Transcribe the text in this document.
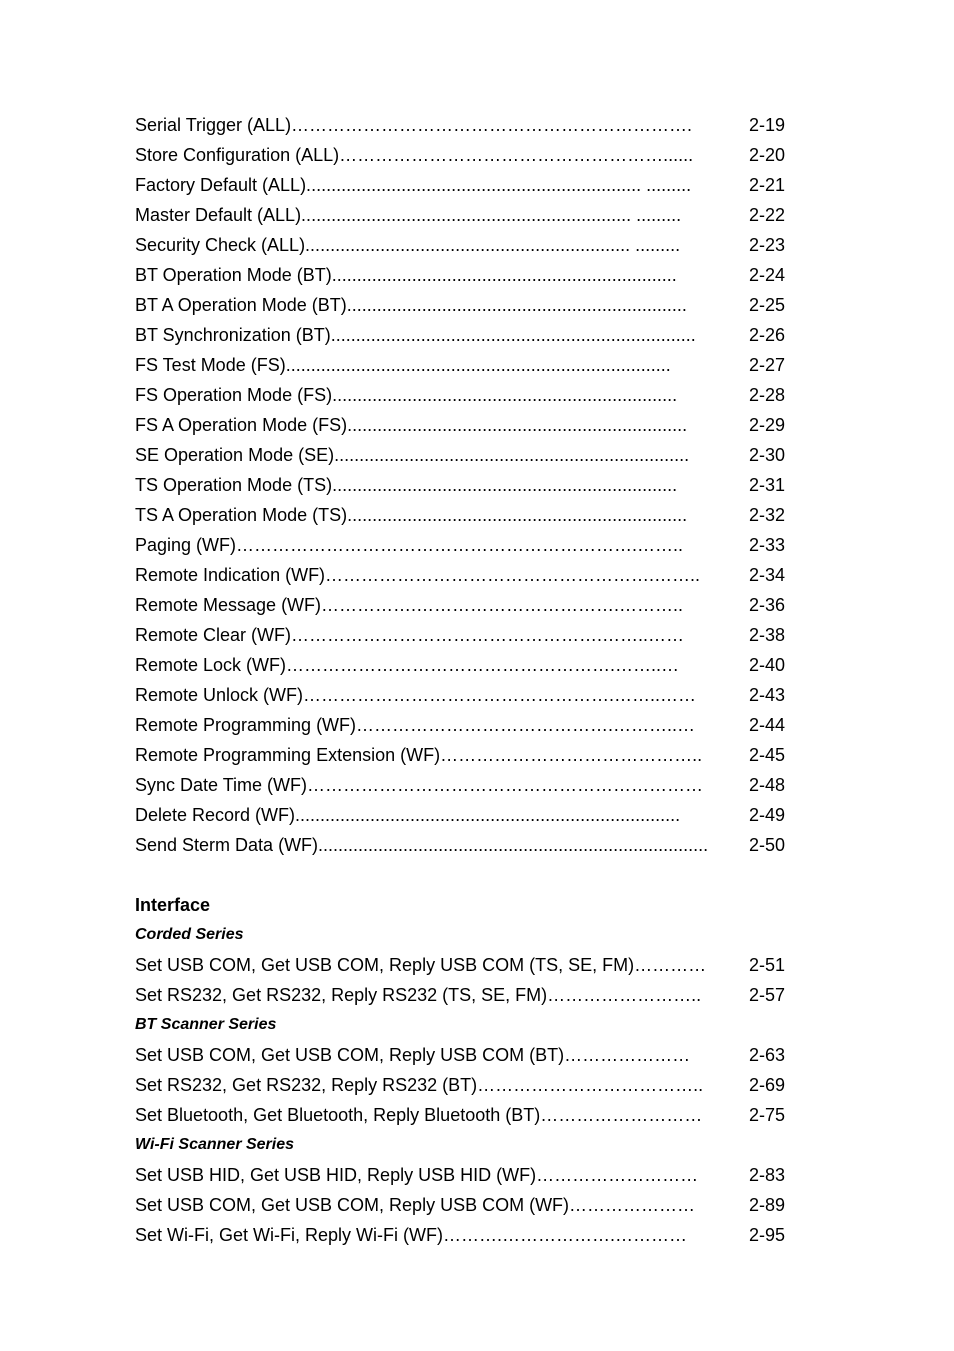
Serial Trigger (ALL)………………………………………………………….	2-19
Store Configuration (ALL)………………………………………………......	2-20
Factory Default (ALL)................................................................... .........	2-21
Master Default (ALL).................................................................. .........	2-22
Security Check (ALL)................................................................. .........	2-23
BT Operation Mode (BT).....................................................................	2-24
BT A Operation Mode (BT)....................................................................	2-25
BT Synchronization (BT).........................................................................	2-26
FS Test Mode (FS).............................................................................	2-27
FS Operation Mode (FS).....................................................................	2-28
FS A Operation Mode (FS)....................................................................	2-29
SE Operation Mode (SE).......................................................................	2-30
TS Operation Mode (TS).....................................................................	2-31
TS A Operation Mode (TS)....................................................................	2-32
Paging (WF)………………………………………………………….……..	2-33
Remote Indication (WF)……………………………………………….……..	2-34
Remote Message (WF)…………….…………………………….………..	2-36
Remote Clear (WF)…………………………………………….……..……	2-38
Remote Lock (WF)……………………………………………….……..…	2-40
Remote Unlock (WF)…………………………………………….……..……	2-43
Remote Programming (WF)…………………………………….………..…	2-44
Remote Programming Extension (WF)……………………………………..	2-45
Sync Date Time (WF)…………………………………………………………	2-48
Delete Record (WF).............................................................................	2-49
Send Sterm Data (WF).............................................................................. 2-50
Interface
Corded Series
Set USB COM, Get USB COM, Reply USB COM (TS, SE, FM)………… 2-51
Set RS232, Get RS232, Reply RS232 (TS, SE, FM)……………………..	2-57
BT Scanner Series
Set USB COM, Get USB COM, Reply USB COM (BT)…………………	2-63
Set RS232, Get RS232, Reply RS232 (BT)………………………………..	2-69
Set Bluetooth, Get Bluetooth, Reply Bluetooth (BT)………………………	2-75
Wi-Fi Scanner Series
Set USB HID, Get USB HID, Reply USB HID (WF)………………………	2-83
Set USB COM, Get USB COM, Reply USB COM (WF)…………………	2-89
Set Wi-Fi, Get Wi-Fi, Reply Wi-Fi (WF)……….……………….…………	2-95
